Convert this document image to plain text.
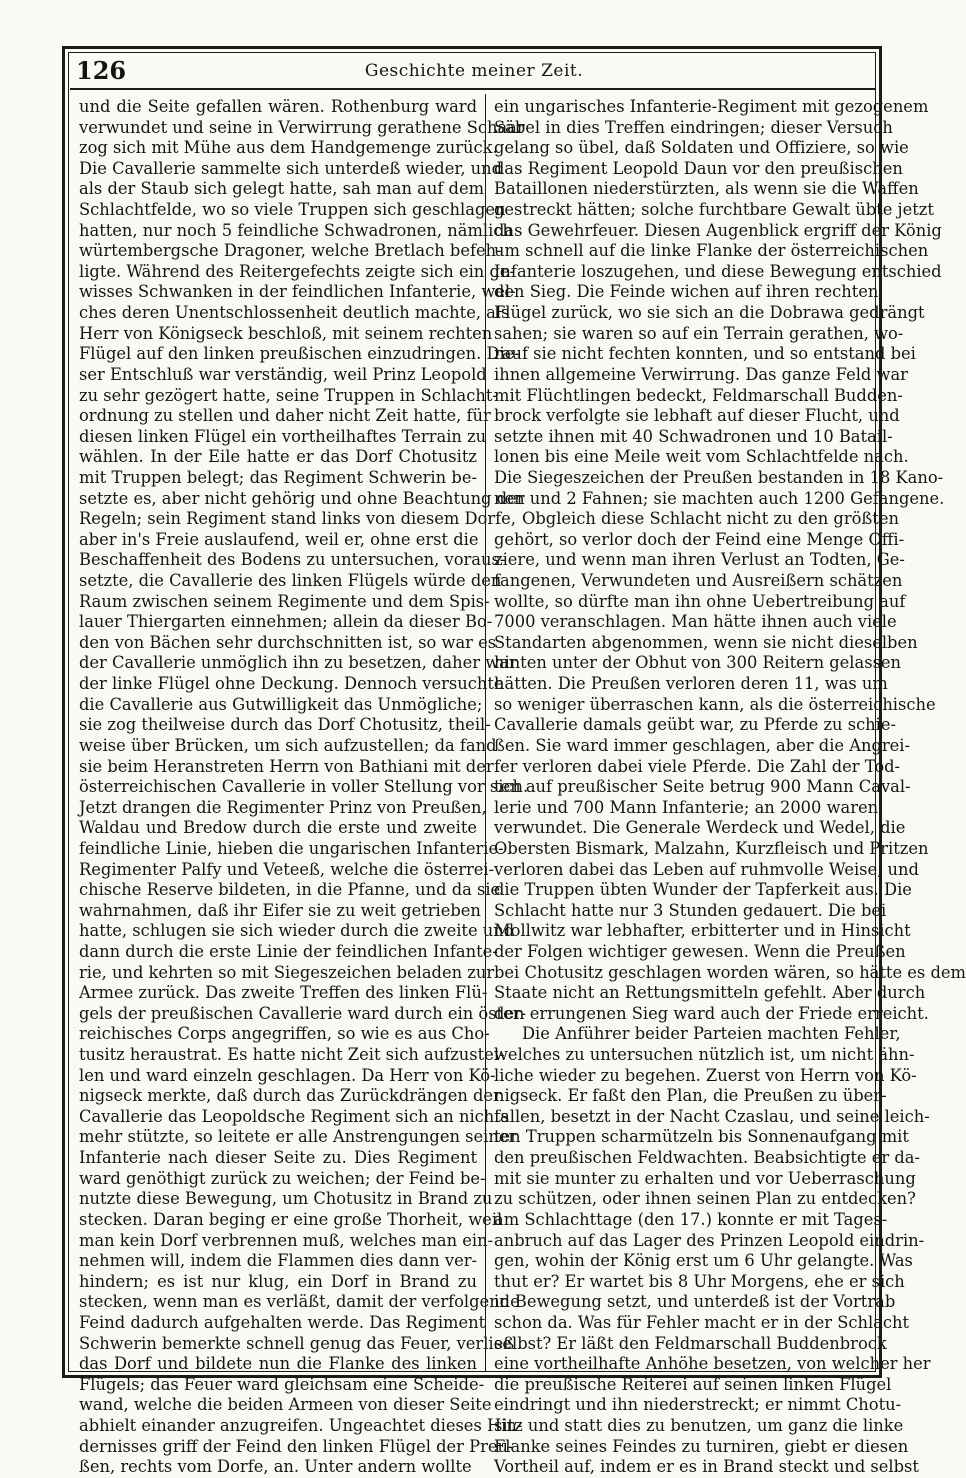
126	Geschichte meiner Zeit.
und die Seite gefallen wären. Rothenburg ward
verwundet und seine in Verwirrung gerathene Schaar
zog sich mit Mühe aus dem Handgemenge zurück.
Die Cavallerie sammelte sich unterdeß wieder, und
als der Staub sich gelegt hatte, sah man auf dem
Schlachtfelde, wo so viele Truppen sich geschlagen
hatten, nur noch 5 feindliche Schwadronen, nämlich
würtembergsche Dragoner, welche Bretlach befeh-
ligte. Während des Reitergefechts zeigte sich ein ge-
wisses Schwanken in der feindlichen Infanterie, wel-
ches deren Unentschlossenheit deutlich machte, als
Herr von Königseck beschloß, mit seinem rechten
Flügel auf den linken preußischen einzudringen. Die-
ser Entschluß war verständig, weil Prinz Leopold
zu sehr gezögert hatte, seine Truppen in Schlacht-
ordnung zu stellen und daher nicht Zeit hatte, für
diesen linken Flügel ein vortheilhaftes Terrain zu
wählen. In der Eile hatte er das Dorf Chotusitz
mit Truppen belegt; das Regiment Schwerin be-
setzte es, aber nicht gehörig und ohne Beachtung der
Regeln; sein Regiment stand links von diesem Dorfe,
aber in's Freie auslaufend, weil er, ohne erst die
Beschaffenheit des Bodens zu untersuchen, voraus-
setzte, die Cavallerie des linken Flügels würde den
Raum zwischen seinem Regimente und dem Spis-
lauer Thiergarten einnehmen; allein da dieser Bo-
den von Bächen sehr durchschnitten ist, so war es
der Cavallerie unmöglich ihn zu besetzen, daher war
der linke Flügel ohne Deckung. Dennoch versuchte
die Cavallerie aus Gutwilligkeit das Unmögliche;
sie zog theilweise durch das Dorf Chotusitz, theil-
weise über Brücken, um sich aufzustellen; da fand
sie beim Heranstreten Herrn von Bathiani mit der
österreichischen Cavallerie in voller Stellung vor sich.
Jetzt drangen die Regimenter Prinz von Preußen,
Waldau und Bredow durch die erste und zweite
feindliche Linie, hieben die ungarischen Infanterie-
Regimenter Palfy und Veteeß, welche die österrei-
chische Reserve bildeten, in die Pfanne, und da sie
wahrnahmen, daß ihr Eifer sie zu weit getrieben
hatte, schlugen sie sich wieder durch die zweite und
dann durch die erste Linie der feindlichen Infante-
rie, und kehrten so mit Siegeszeichen beladen zur
Armee zurück. Das zweite Treffen des linken Flü-
gels der preußischen Cavallerie ward durch ein öster-
reichisches Corps angegriffen, so wie es aus Cho-
tusitz heraustrat. Es hatte nicht Zeit sich aufzustel-
len und ward einzeln geschlagen. Da Herr von Kö-
nigseck merkte, daß durch das Zurückdrängen der
Cavallerie das Leopoldsche Regiment sich an nichts
mehr stützte, so leitete er alle Anstrengungen seiner
Infanterie nach dieser Seite zu. Dies Regiment
ward genöthigt zurück zu weichen; der Feind be-
nutzte diese Bewegung, um Chotusitz in Brand zu
stecken. Daran beging er eine große Thorheit, weil
man kein Dorf verbrennen muß, welches man ein-
nehmen will, indem die Flammen dies dann ver-
hindern; es ist nur klug, ein Dorf in Brand zu
stecken, wenn man es verläßt, damit der verfolgende
Feind dadurch aufgehalten werde. Das Regiment
Schwerin bemerkte schnell genug das Feuer, verließ
das Dorf und bildete nun die Flanke des linken
Flügels; das Feuer ward gleichsam eine Scheide-
wand, welche die beiden Armeen von dieser Seite
abhielt einander anzugreifen. Ungeachtet dieses Hin-
dernisses griff der Feind den linken Flügel der Preu-
ßen, rechts vom Dorfe, an. Unter andern wollte
ein ungarisches Infanterie-Regiment mit gezogenem
Säbel in dies Treffen eindringen; dieser Versuch
gelang so übel, daß Soldaten und Offiziere, so wie
das Regiment Leopold Daun vor den preußischen
Bataillonen niederstürzten, als wenn sie die Waffen
gestreckt hätten; solche furchtbare Gewalt übte jetzt
das Gewehrfeuer. Diesen Augenblick ergriff der König
um schnell auf die linke Flanke der österreichischen
Infanterie loszugehen, und diese Bewegung entschied
den Sieg. Die Feinde wichen auf ihren rechten
Flügel zurück, wo sie sich an die Dobrawa gedrängt
sahen; sie waren so auf ein Terrain gerathen, wo-
rauf sie nicht fechten konnten, und so entstand bei
ihnen allgemeine Verwirrung. Das ganze Feld war
mit Flüchtlingen bedeckt, Feldmarschall Budden-
brock verfolgte sie lebhaft auf dieser Flucht, und
setzte ihnen mit 40 Schwadronen und 10 Batail-
lonen bis eine Meile weit vom Schlachtfelde nach.
Die Siegeszeichen der Preußen bestanden in 18 Kano-
nen und 2 Fahnen; sie machten auch 1200 Gefangene.
Obgleich diese Schlacht nicht zu den größten
gehört, so verlor doch der Feind eine Menge Offi-
ziere, und wenn man ihren Verlust an Todten, Ge-
fangenen, Verwundeten und Ausreißern schätzen
wollte, so dürfte man ihn ohne Uebertreibung auf
7000 veranschlagen. Man hätte ihnen auch viele
Standarten abgenommen, wenn sie nicht dieselben
hinten unter der Obhut von 300 Reitern gelassen
hätten. Die Preußen verloren deren 11, was um
so weniger überraschen kann, als die österreichische
Cavallerie damals geübt war, zu Pferde zu schie-
ßen. Sie ward immer geschlagen, aber die Angrei-
fer verloren dabei viele Pferde. Die Zahl der Tod-
ten auf preußischer Seite betrug 900 Mann Caval-
lerie und 700 Mann Infanterie; an 2000 waren
verwundet. Die Generale Werdeck und Wedel, die
Obersten Bismark, Malzahn, Kurzfleisch und Pritzen
verloren dabei das Leben auf ruhmvolle Weise, und
die Truppen übten Wunder der Tapferkeit aus. Die
Schlacht hatte nur 3 Stunden gedauert. Die bei
Mollwitz war lebhafter, erbitterter und in Hinsicht
der Folgen wichtiger gewesen. Wenn die Preußen
bei Chotusitz geschlagen worden wären, so hätte es dem
Staate nicht an Rettungsmitteln gefehlt. Aber durch
den errungenen Sieg ward auch der Friede erreicht.
Die Anführer beider Parteien machten Fehler,
welches zu untersuchen nützlich ist, um nicht ähn-
liche wieder zu begehen. Zuerst von Herrn von Kö-
nigseck. Er faßt den Plan, die Preußen zu über-
fallen, besetzt in der Nacht Czaslau, und seine leich-
ten Truppen scharmützeln bis Sonnenaufgang mit
den preußischen Feldwachten. Beabsichtigte er da-
mit sie munter zu erhalten und vor Ueberraschung
zu schützen, oder ihnen seinen Plan zu entdecken?
am Schlachttage (den 17.) konnte er mit Tages-
anbruch auf das Lager des Prinzen Leopold eindrin-
gen, wohin der König erst um 6 Uhr gelangte. Was
thut er? Er wartet bis 8 Uhr Morgens, ehe er sich
in Bewegung setzt, und unterdeß ist der Vortrab
schon da. Was für Fehler macht er in der Schlacht
selbst? Er läßt den Feldmarschall Buddenbrock
eine vortheilhafte Anhöhe besetzen, von welcher her
die preußische Reiterei auf seinen linken Flügel
eindringt und ihn niederstreckt; er nimmt Chotu-
sitz und statt dies zu benutzen, um ganz die linke
Flanke seines Feindes zu turniren, giebt er diesen
Vortheil auf, indem er es in Brand steckt und selbst
